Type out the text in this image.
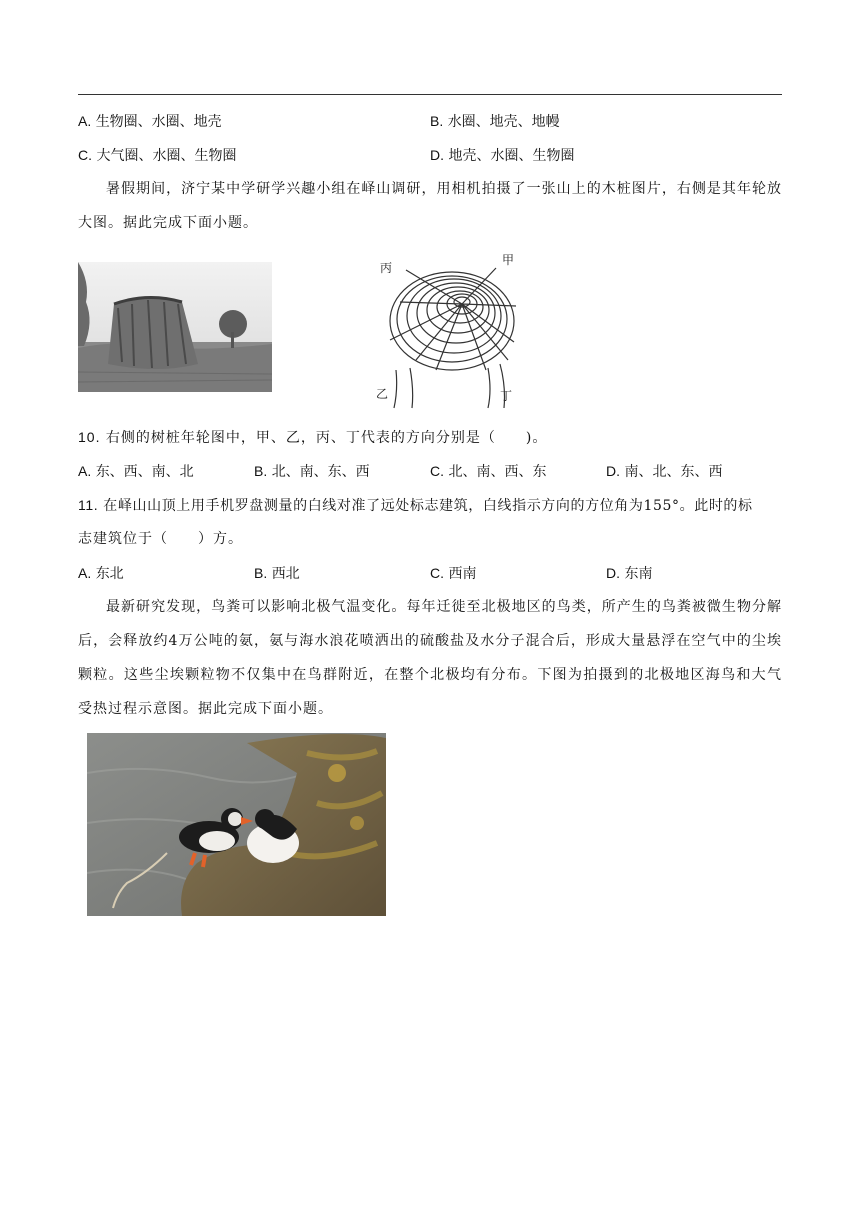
A. 生物圈、水圈、地壳	B. 水圈、地壳、地幔
C. 大气圈、水圈、生物圈	D. 地壳、水圈、生物圈
暑假期间，济宁某中学研学兴趣小组在峄山调研，用相机拍摄了一张山上的木桩图片，右侧是其年轮放大图。据此完成下面小题。
丙
甲
乙	丁
10. 右侧的树桩年轮图中，甲、乙，丙、丁代表的方向分别是（　　)。
A. 东、西、南、北	B. 北、南、东、西	C. 北、南、西、东	D. 南、北、东、西
11. 在峄山山顶上用手机罗盘测量的白线对准了远处标志建筑，白线指示方向的方位角为155°。此时的标
志建筑位于（　　）方。
A. 东北	B. 西北	C. 西南	D. 东南
最新研究发现，鸟粪可以影响北极气温变化。每年迁徙至北极地区的鸟类，所产生的鸟粪被微生物分解后，会释放约4万公吨的氨，氨与海水浪花喷洒出的硫酸盐及水分子混合后，形成大量悬浮在空气中的尘埃颗粒。这些尘埃颗粒物不仅集中在鸟群附近，在整个北极均有分布。下图为拍摄到的北极地区海鸟和大气受热过程示意图。据此完成下面小题。
